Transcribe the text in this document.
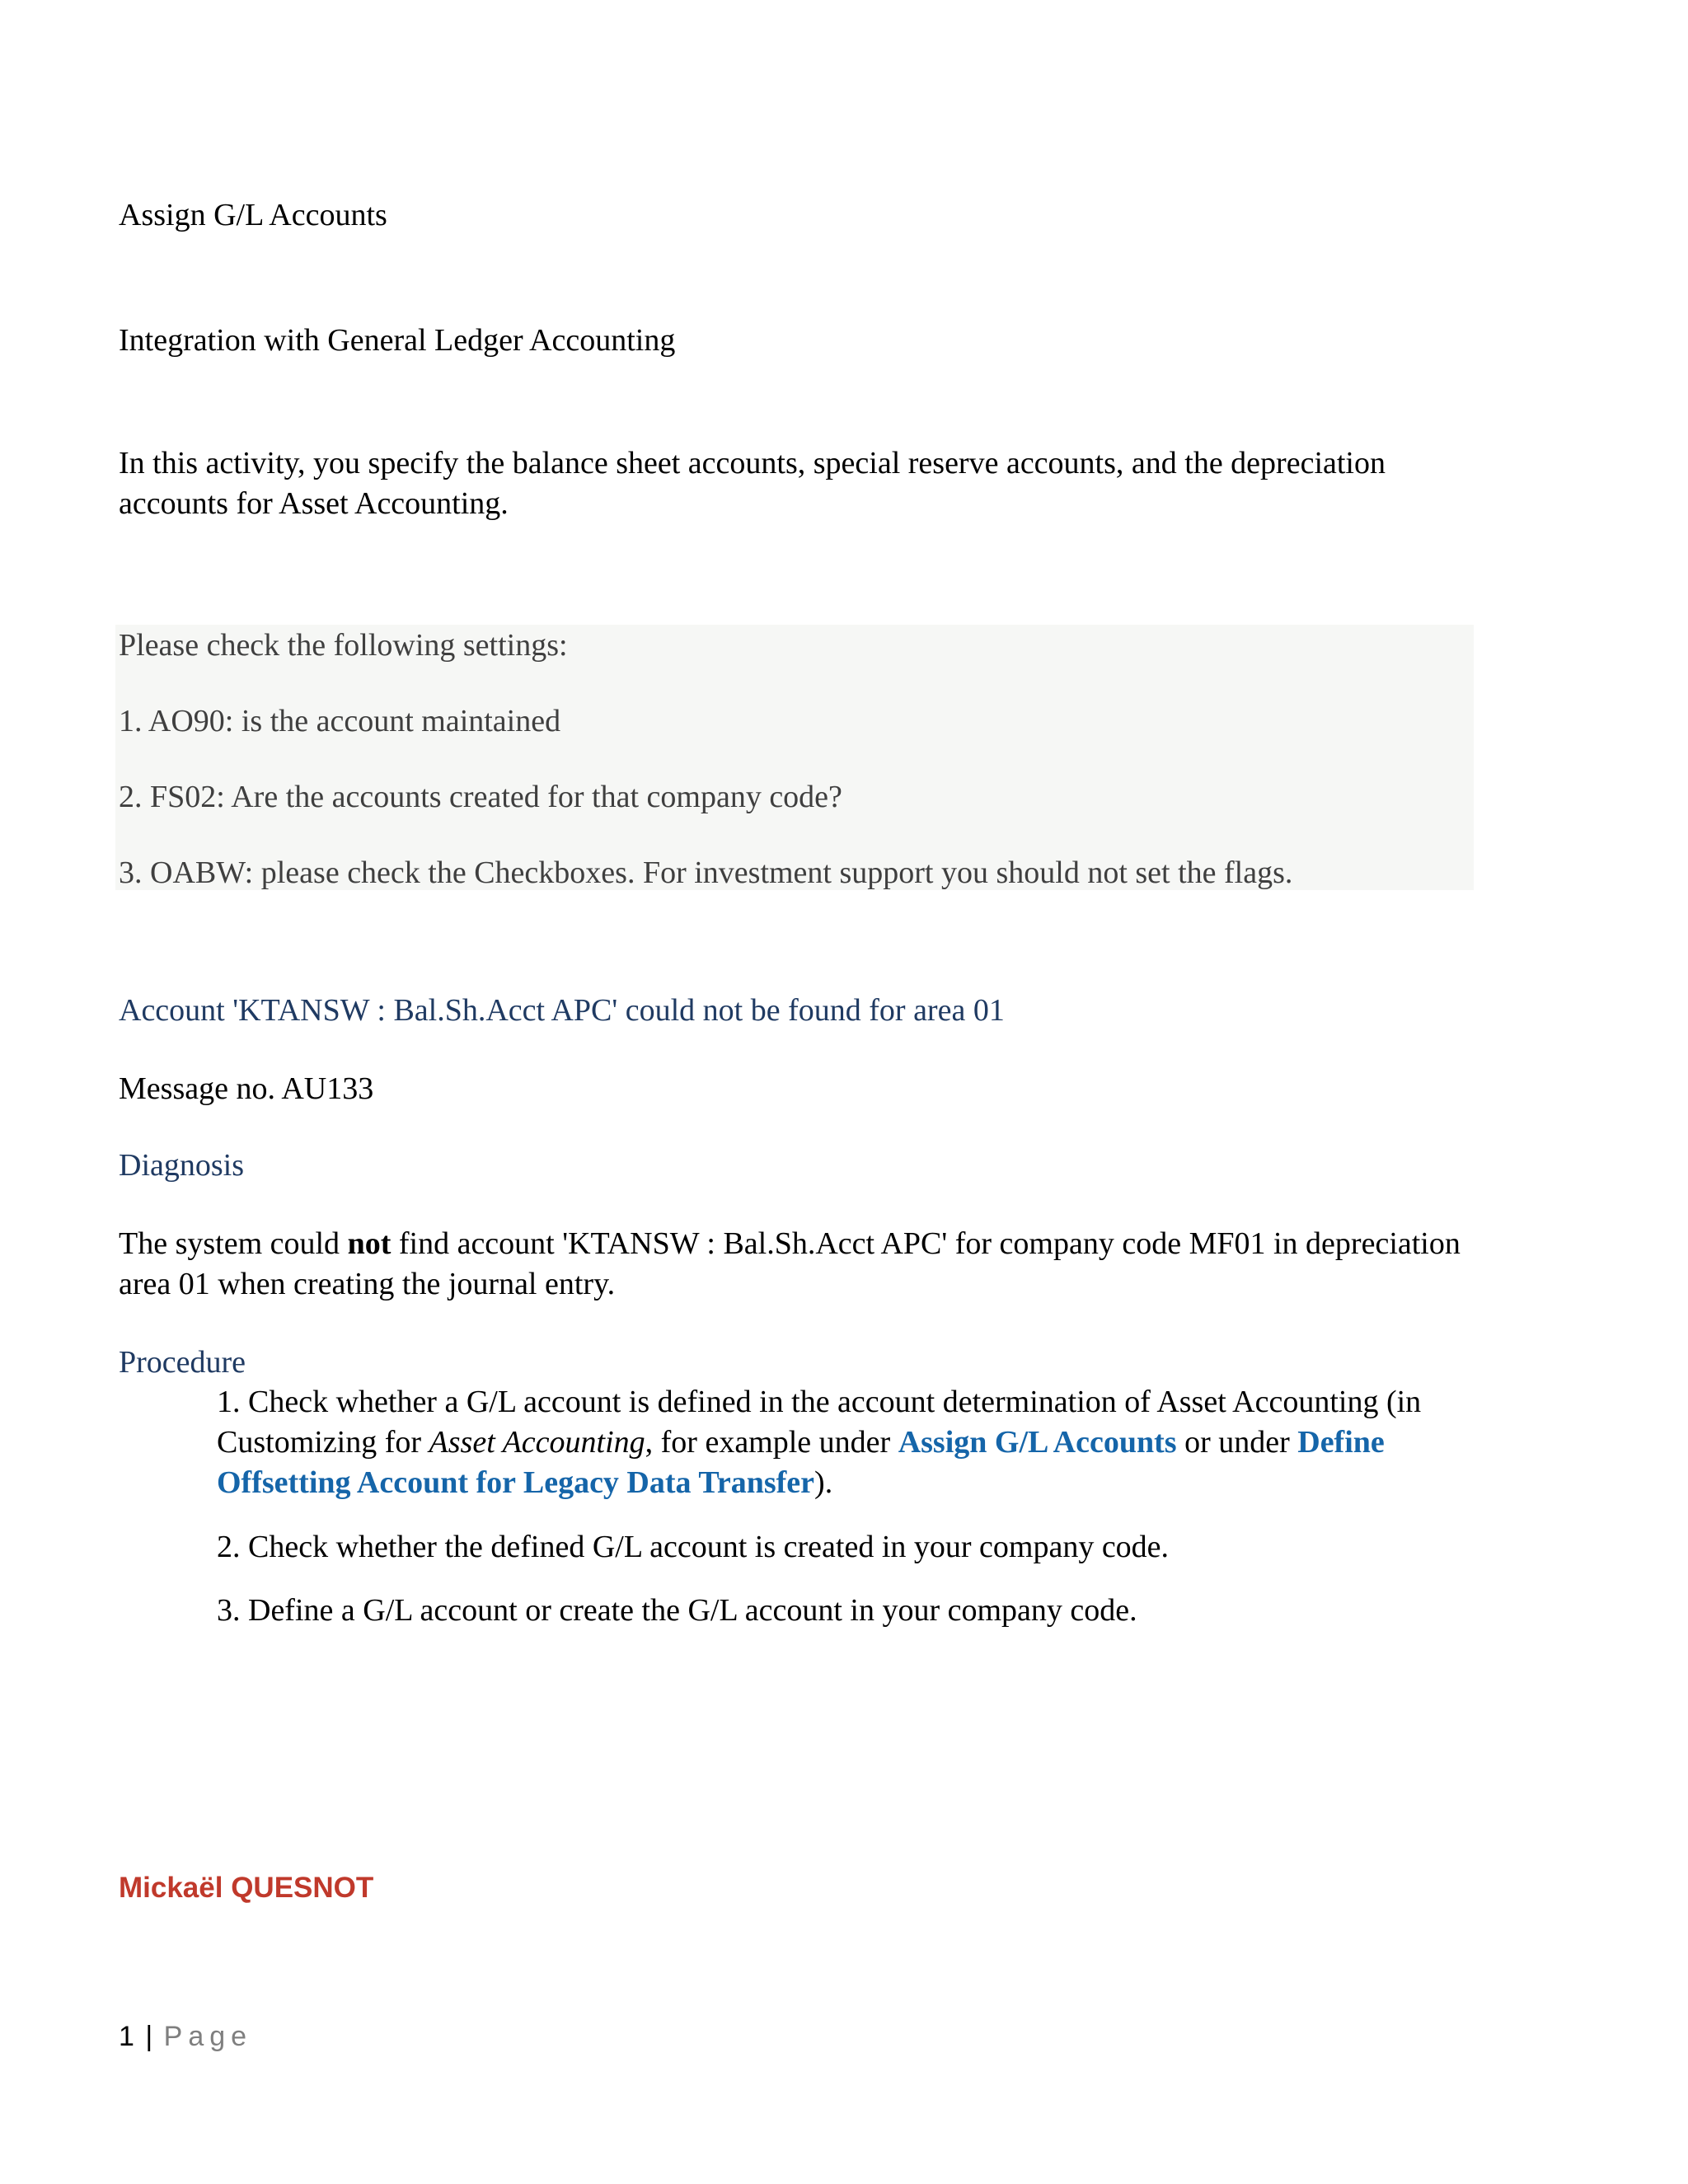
Assign G/L Accounts

Integration with General Ledger Accounting

In this activity, you specify the balance sheet accounts, special reserve accounts, and the depreciation accounts for Asset Accounting.

Please check the following settings:

1. AO90: is the account maintained

2. FS02: Are the accounts created for that company code?

3. OABW: please check the Checkboxes. For investment support you should not set the flags.

Account 'KTANSW : Bal.Sh.Acct APC' could not be found for area 01

Message no. AU133

Diagnosis

The system could not find account 'KTANSW : Bal.Sh.Acct APC' for company code MF01 in depreciation area 01 when creating the journal entry.

Procedure

1. Check whether a G/L account is defined in the account determination of Asset Accounting (in Customizing for Asset Accounting, for example under Assign G/L Accounts or under Define Offsetting Account for Legacy Data Transfer).

2. Check whether the defined G/L account is created in your company code.

3. Define a G/L account or create the G/L account in your company code.

Mickaël QUESNOT

1 | Page
